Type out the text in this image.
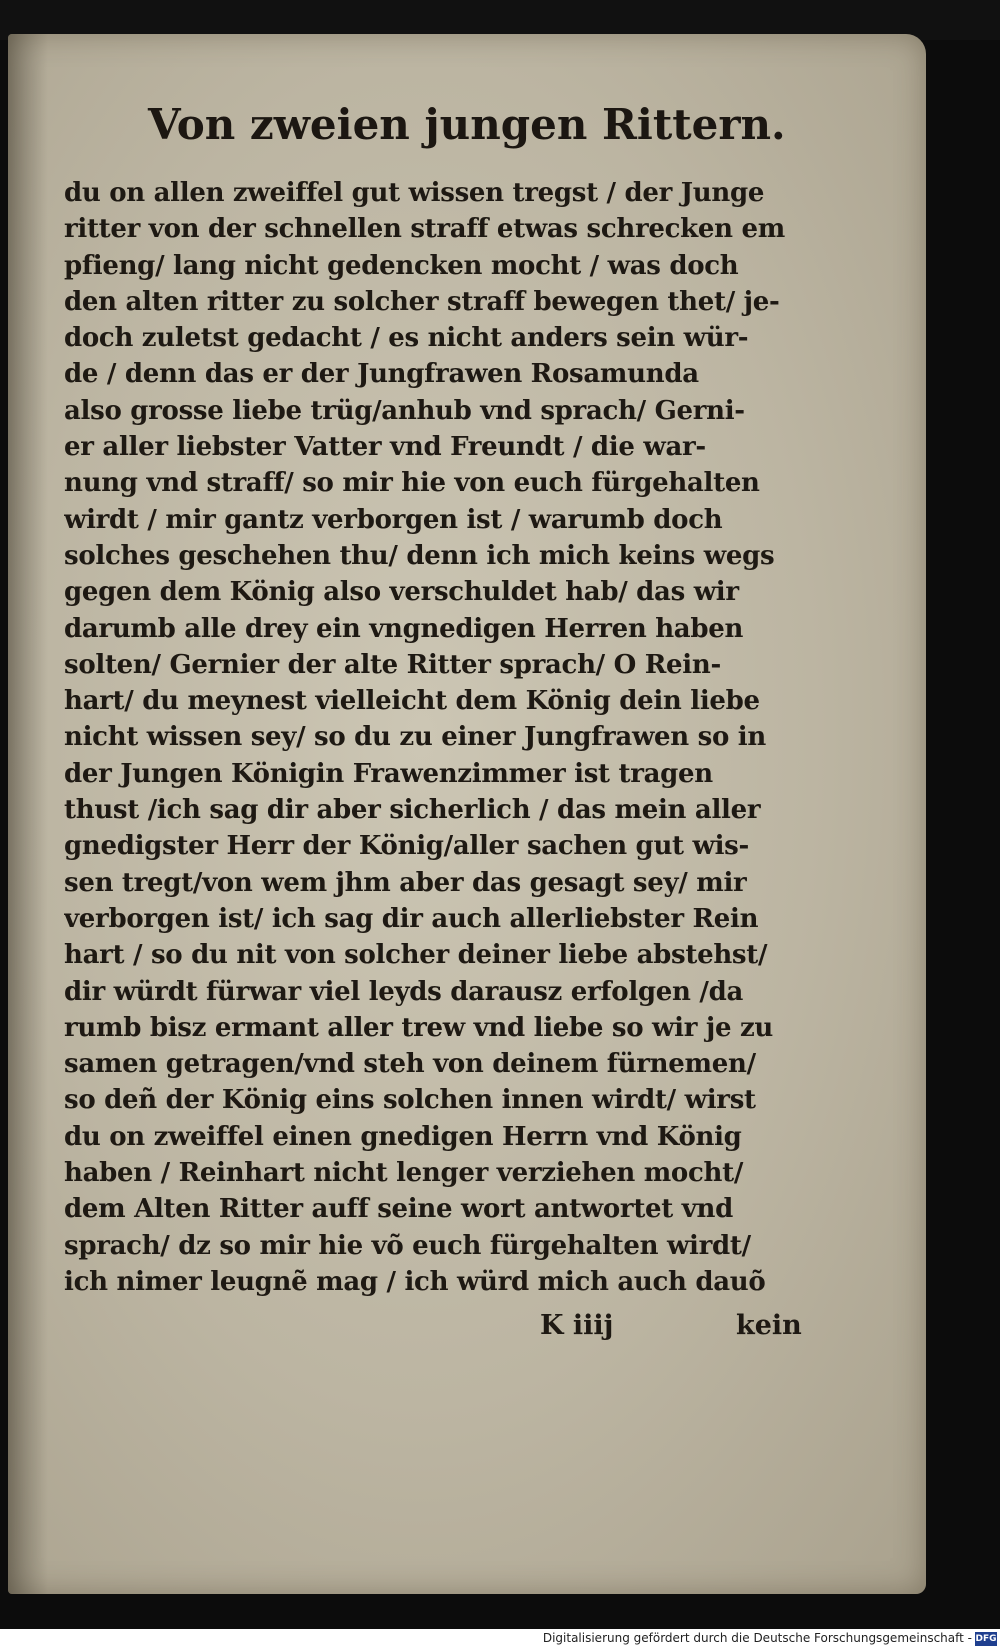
Von zweien jungen Rittern.
du on allen zweiffel gut wissen tregst / der Junge
ritter von der schnellen straff etwas schrecken em
pfieng/ lang nicht gedencken mocht / was doch
den alten ritter zu solcher straff bewegen thet/ je-
doch zuletst gedacht / es nicht anders sein wür-
de / denn das er der Jungfrawen Rosamunda
also grosse liebe trüg/anhub vnd sprach/ Gerni-
er aller liebster Vatter vnd Freundt / die war-
nung vnd straff/ so mir hie von euch fürgehalten
wirdt / mir gantz verborgen ist / warumb doch
solches geschehen thu/ denn ich mich keins wegs
gegen dem König also verschuldet hab/ das wir
darumb alle drey ein vngnedigen Herren haben
solten/ Gernier der alte Ritter sprach/ O Rein-
hart/ du meynest vielleicht dem König dein liebe
nicht wissen sey/ so du zu einer Jungfrawen so in
der Jungen Königin Frawenzimmer ist tragen
thust /ich sag dir aber sicherlich / das mein aller
gnedigster Herr der König/aller sachen gut wis-
sen tregt/von wem jhm aber das gesagt sey/ mir
verborgen ist/ ich sag dir auch allerliebster Rein
hart / so du nit von solcher deiner liebe abstehst/
dir würdt fürwar viel leyds darausz erfolgen /da
rumb bisz ermant aller trew vnd liebe so wir je zu
samen getragen/vnd steh von deinem fürnemen/
so deñ der König eins solchen innen wirdt/ wirst
du on zweiffel einen gnedigen Herrn vnd König
haben / Reinhart nicht lenger verziehen mocht/
dem Alten Ritter auff seine wort antwortet vnd
sprach/ dz so mir hie võ euch fürgehalten wirdt/
ich nimer leugnẽ mag / ich würd mich auch dauõ
K iiij	kein
Digitalisierung gefördert durch die Deutsche Forschungsgemeinschaft - DFG
